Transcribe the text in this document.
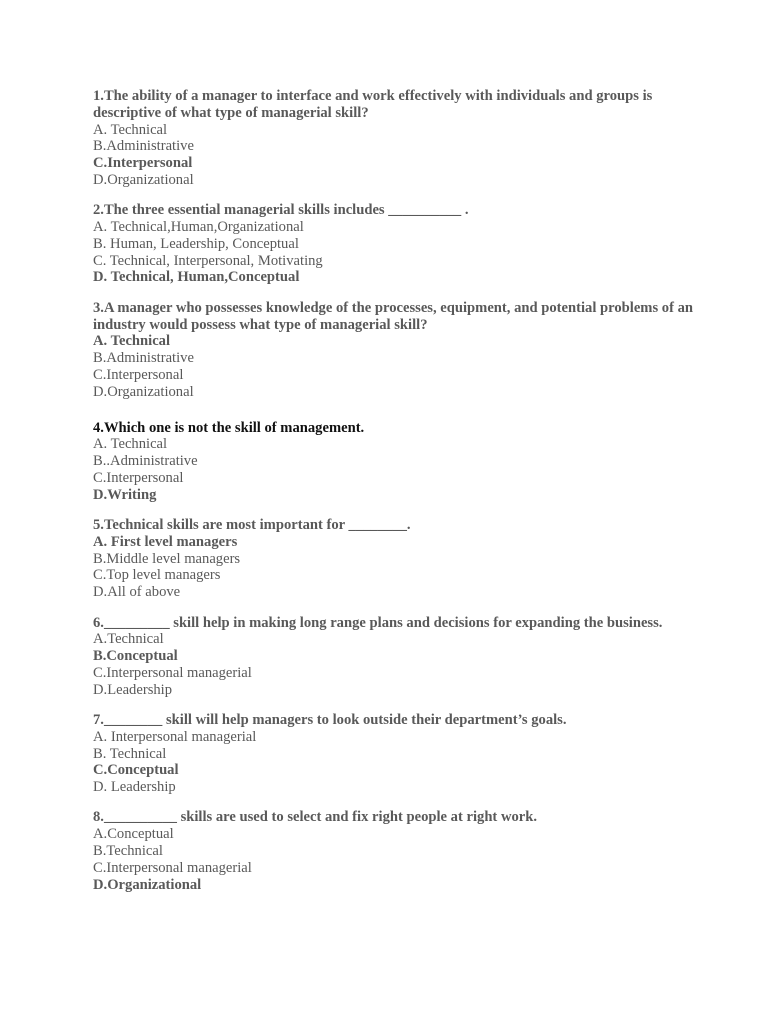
1.The ability of a manager to interface and work effectively with individuals and groups is descriptive of what type of managerial skill?

A. Technical

B.Administrative

C.Interpersonal

D.Organizational

2.The three essential managerial skills includes __________ .

A. Technical,Human,Organizational

B. Human, Leadership, Conceptual

C. Technical, Interpersonal, Motivating

D. Technical, Human,Conceptual

3.A manager who possesses knowledge of the processes, equipment, and potential problems of an industry would possess what type of managerial skill?

A. Technical

B.Administrative

C.Interpersonal

D.Organizational

4.Which one is not the skill of management.

A. Technical

B..Administrative

C.Interpersonal

D.Writing

5.Technical skills are most important for ________.

A. First level managers

B.Middle level managers

C.Top level managers

D.All of above

6._________ skill help in making long range plans and decisions for expanding the business.

A.Technical

B.Conceptual

C.Interpersonal managerial

D.Leadership

7.________ skill will help managers to look outside their department’s goals.

A. Interpersonal managerial

B. Technical

C.Conceptual

D. Leadership

8.__________ skills are used to select and fix right people at right work.

A.Conceptual

B.Technical

C.Interpersonal managerial

D.Organizational
